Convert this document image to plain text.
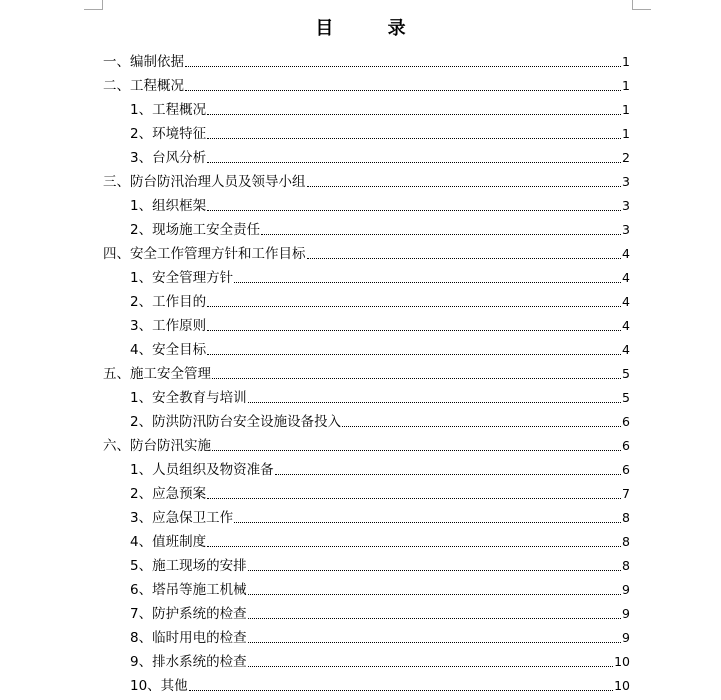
目 录
一、编制依据	1
二、工程概况	1
1、工程概况	1
2、环境特征	1
3、台风分析	2
三、防台防汛治理人员及领导小组	3
1、组织框架	3
2、现场施工安全责任	3
四、安全工作管理方针和工作目标	4
1、安全管理方针	4
2、工作目的	4
3、工作原则	4
4、安全目标	4
五、施工安全管理	5
1、安全教育与培训	5
2、防洪防汛防台安全设施设备投入	6
六、防台防汛实施	6
1、人员组织及物资准备	6
2、应急预案	7
3、应急保卫工作	8
4、值班制度	8
5、施工现场的安排	8
6、塔吊等施工机械	9
7、防护系统的检查	9
8、临时用电的检查	9
9、排水系统的检查	10
10、其他	10
